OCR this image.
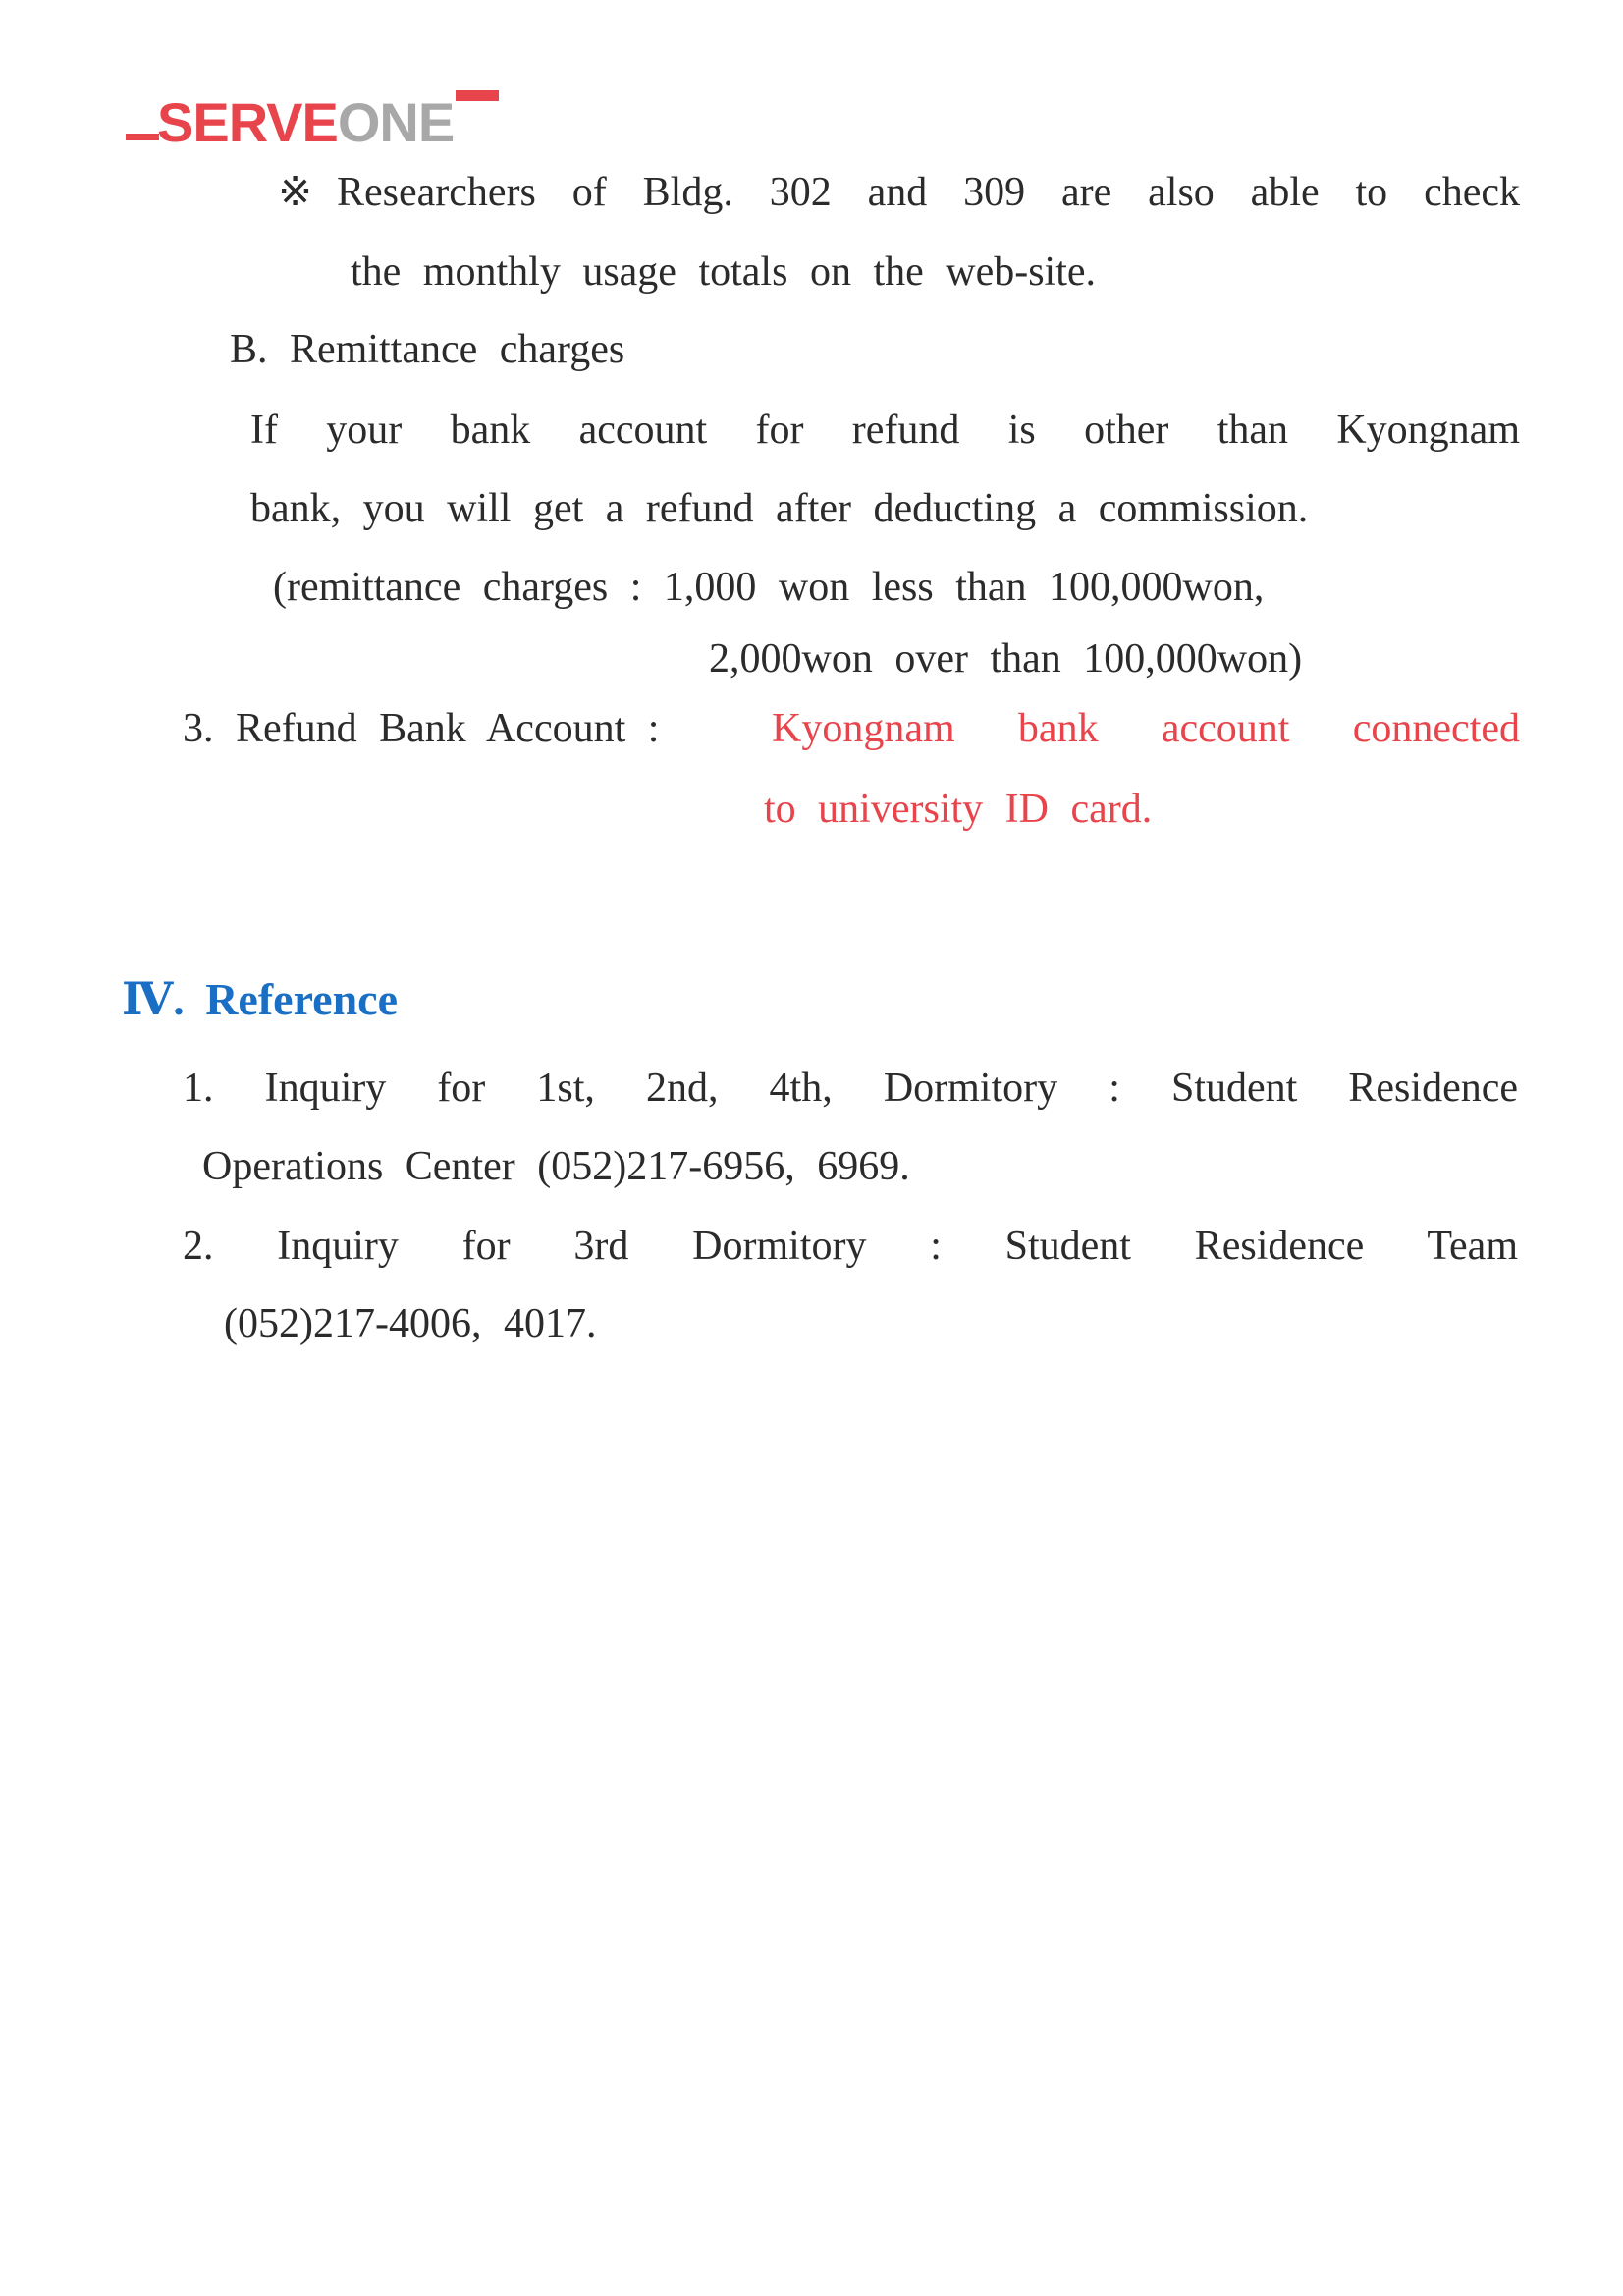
SERVEONE
※ Researchers of Bldg. 302 and 309 are also able to check
the monthly usage totals on the web-site.
B. Remittance charges
If your bank account for refund is other than Kyongnam
bank, you will get a refund after deducting a commission.
(remittance charges : 1,000 won less than 100,000won,
2,000won over than 100,000won)
3. Refund Bank Account :	Kyongnam bank account connected
to university ID card.
Ⅳ. Reference
1. Inquiry for 1st, 2nd, 4th, Dormitory : Student Residence
Operations Center (052)217-6956, 6969.
2. Inquiry for 3rd Dormitory : Student Residence Team
(052)217-4006, 4017.
